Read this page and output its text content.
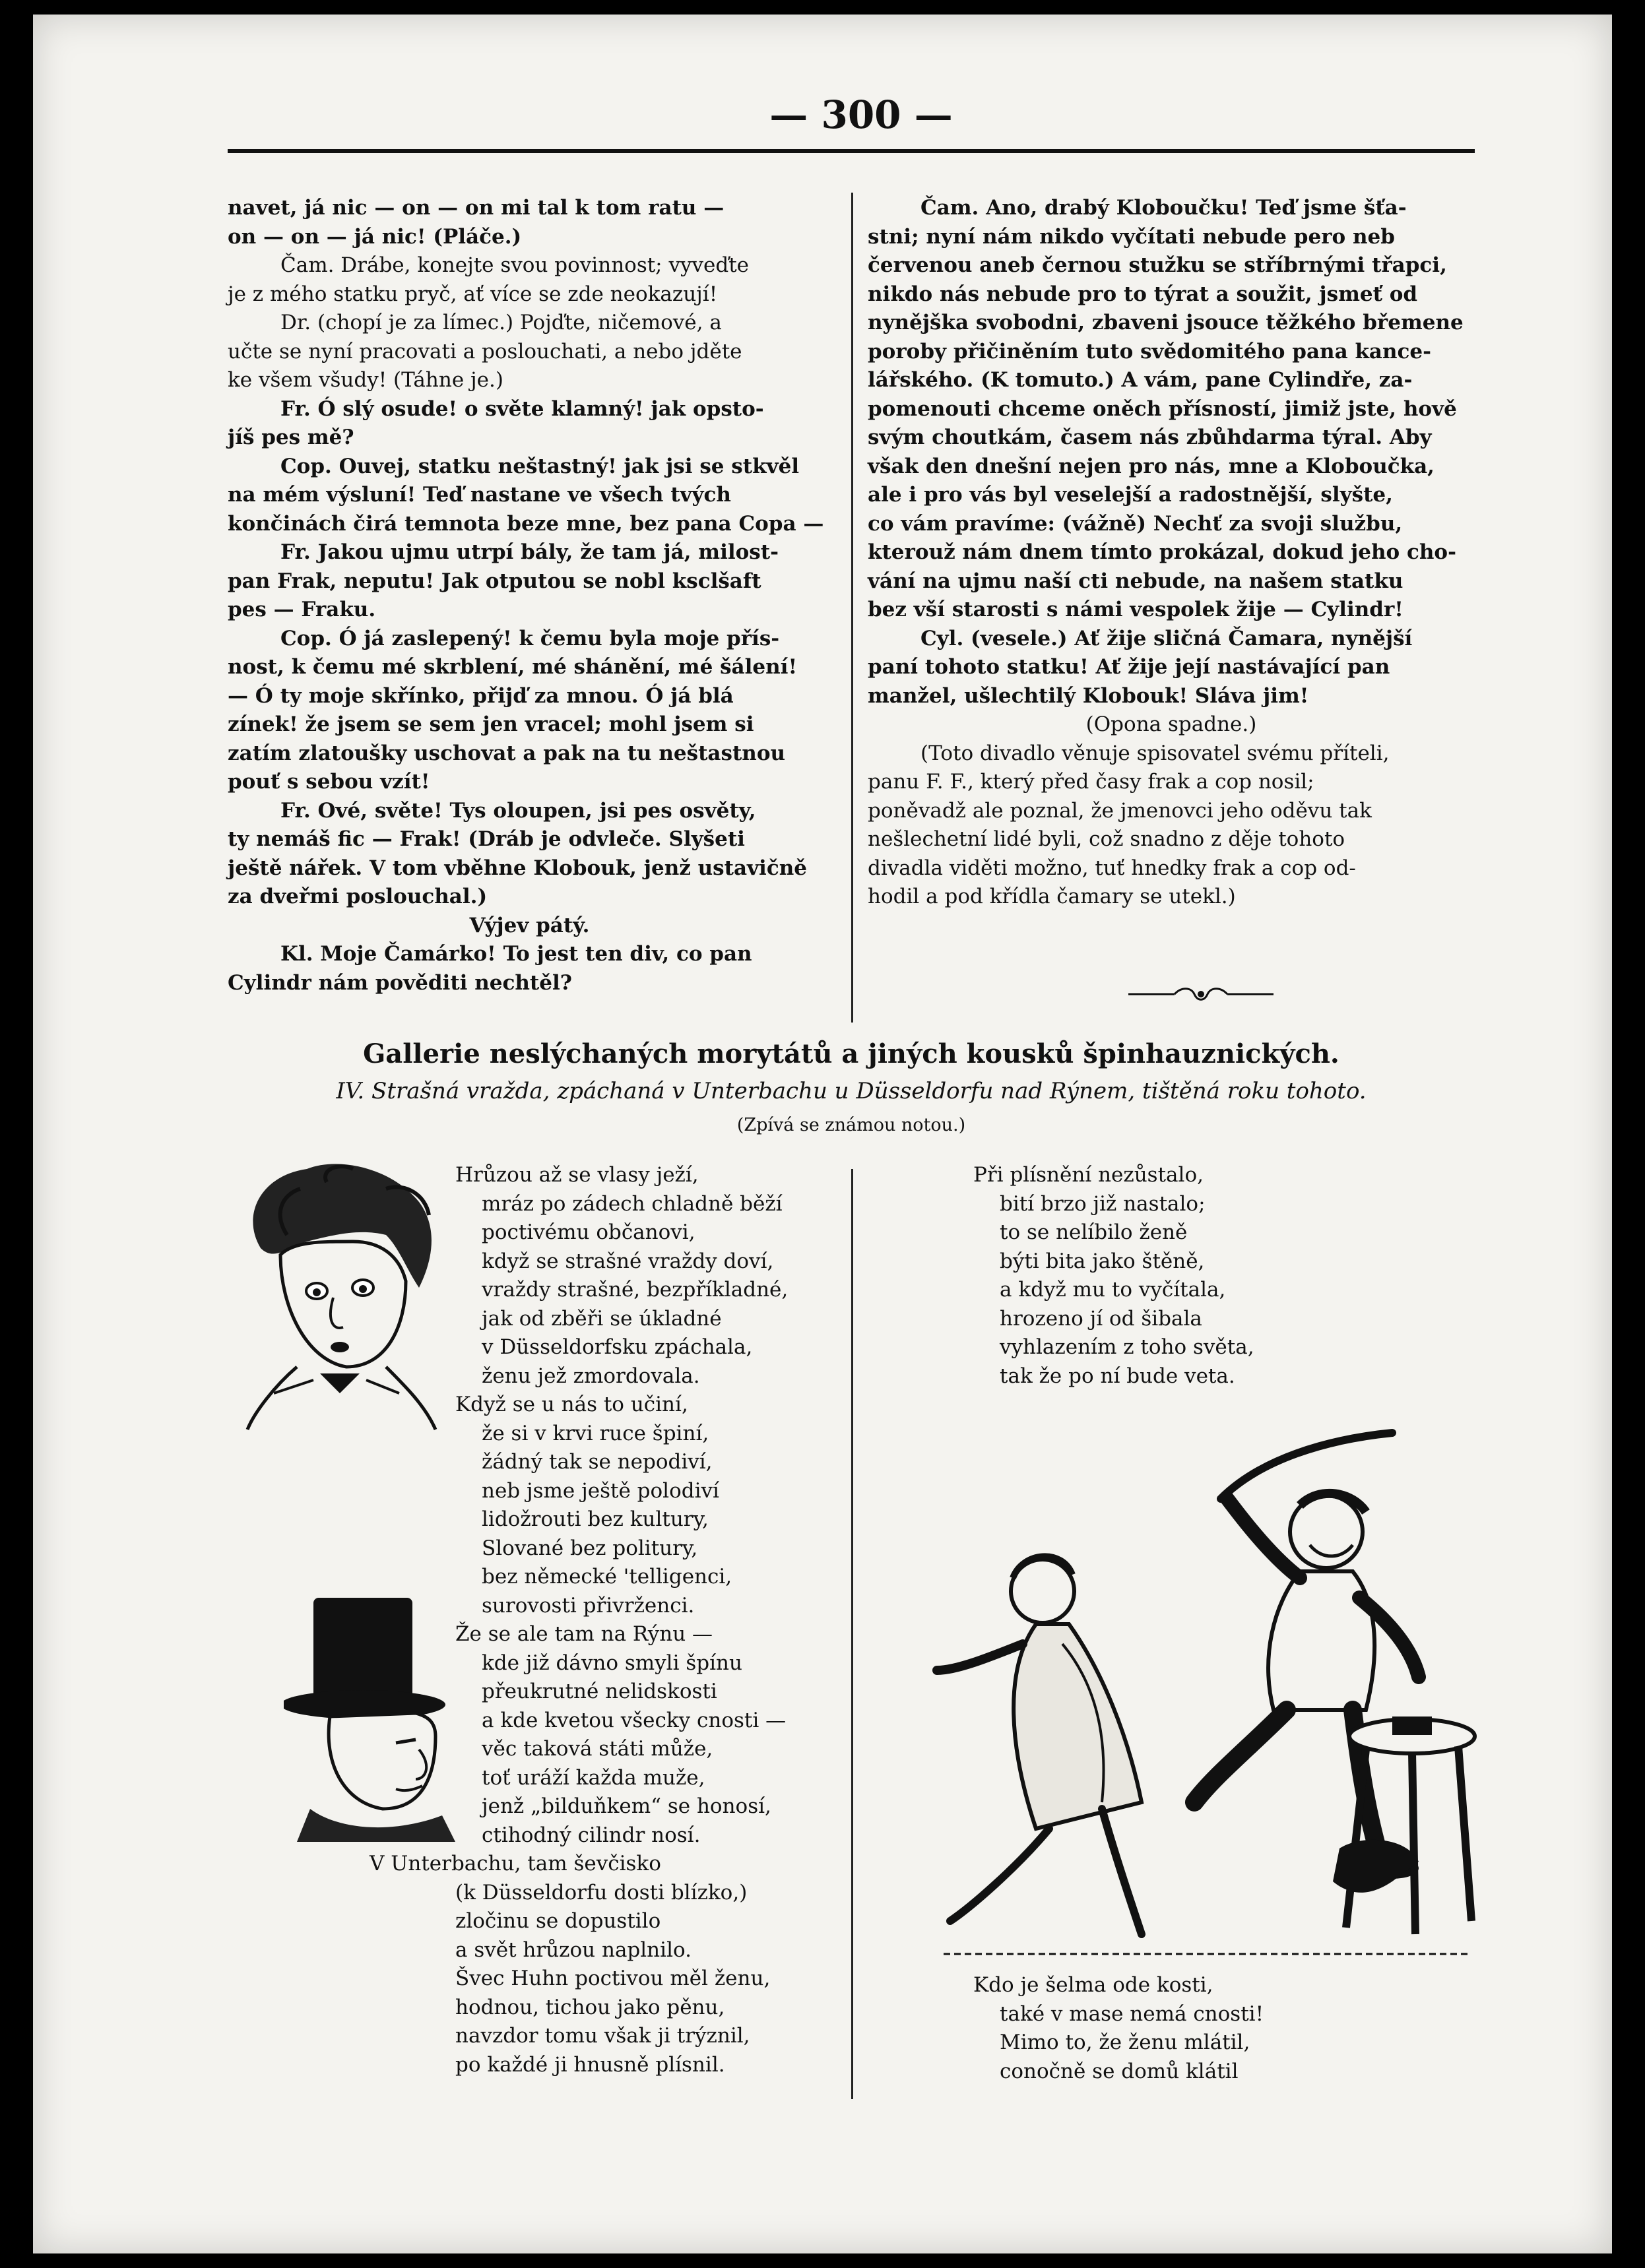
— 300 —

navet, já nic — on — on mi tal k tom ratu —

on — on — já nic! (Pláče.)

Čam. Drábe, konejte svou povinnost; vyveďte

je z mého statku pryč, ať více se zde neokazují!

Dr. (chopí je za límec.) Pojďte, ničemové, a

učte se nyní pracovati a poslouchati, a nebo jděte

ke všem všudy! (Táhne je.)

Fr. Ó slý osude! o světe klamný! jak opsto-

jíš pes mě?

Cop. Ouvej, statku neštastný! jak jsi se stkvěl

na mém výsluní! Teď nastane ve všech tvých

končinách čirá temnota beze mne, bez pana Copa —

Fr. Jakou ujmu utrpí bály, že tam já, milost-

pan Frak, neputu! Jak otputou se nobl ksclšaft

pes — Fraku.

Cop. Ó já zaslepený! k čemu byla moje přís-

nost, k čemu mé skrblení, mé shánění, mé šálení!

— Ó ty moje skřínko, přijď za mnou. Ó já blá

zínek! že jsem se sem jen vracel; mohl jsem si

zatím zlatoušky uschovat a pak na tu neštastnou

pouť s sebou vzít!

Fr. Ové, světe! Tys oloupen, jsi pes osvěty,

ty nemáš fic — Frak! (Dráb je odvleče. Slyšeti

ještě nářek. V tom vběhne Klobouk, jenž ustavičně

za dveřmi poslouchal.)

Výjev pátý.

Kl. Moje Čamárko! To jest ten div, co pan

Cylindr nám pověditi nechtěl?

Čam. Ano, drabý Kloboučku! Teď jsme šťa-

stni; nyní nám nikdo vyčítati nebude pero neb

červenou aneb černou stužku se stříbrnými třapci,

nikdo nás nebude pro to týrat a soužit, jsmeť od

nynějška svobodni, zbaveni jsouce těžkého břemene

poroby přičiněním tuto svědomitého pana kance-

lářského. (K tomuto.) A vám, pane Cylindře, za-

pomenouti chceme oněch přísností, jimiž jste, hově

svým choutkám, časem nás zbůhdarma týral. Aby

však den dnešní nejen pro nás, mne a Kloboučka,

ale i pro vás byl veselejší a radostnější, slyšte,

co vám pravíme: (vážně) Nechť za svoji službu,

kterouž nám dnem tímto prokázal, dokud jeho cho-

vání na ujmu naší cti nebude, na našem statku

bez vší starosti s námi vespolek žije — Cylindr!

Cyl. (vesele.) Ať žije sličná Čamara, nynější

paní tohoto statku! Ať žije její nastávající pan

manžel, ušlechtilý Klobouk! Sláva jim!

(Opona spadne.)

(Toto divadlo věnuje spisovatel svému příteli,

panu F. F., který před časy frak a cop nosil;

poněvadž ale poznal, že jmenovci jeho oděvu tak

nešlechetní lidé byli, což snadno z děje tohoto

divadla viděti možno, tuť hnedky frak a cop od-

hodil a pod křídla čamary se utekl.)

Gallerie neslýchaných morytátů a jiných kousků špinhauznických.
IV. Strašná vražda, zpáchaná v Unterbachu u Düsseldorfu nad Rýnem, tištěná roku tohoto.
(Zpívá se známou notou.)

Hrůzou až se vlasy ježí,

mráz po zádech chladně běží

poctivému občanovi,

když se strašné vraždy doví,

vraždy strašné, bezpříkladné,

jak od zběři se úkladné

v Düsseldorfsku zpáchala,

ženu jež zmordovala.

Když se u nás to učiní,

že si v krvi ruce špiní,

žádný tak se nepodiví,

neb jsme ještě polodiví

lidožrouti bez kultury,

Slované bez politury,

bez německé 'telligenci,

surovosti přivrženci.

Že se ale tam na Rýnu —

kde již dávno smyli špínu

přeukrutné nelidskosti

a kde kvetou všecky cnosti —

věc taková státi může,

toť uráží každa muže,

jenž „bilduňkem“ se honosí,

ctihodný cilindr nosí.

V Unterbachu, tam ševčisko

(k Düsseldorfu dosti blízko,)

zločinu se dopustilo

a svět hrůzou naplnilo.

Švec Huhn poctivou měl ženu,

hodnou, tichou jako pěnu,

navzdor tomu však ji trýznil,

po každé ji hnusně plísnil.

Při plísnění nezůstalo,

bití brzo již nastalo;

to se nelíbilo ženě

býti bita jako štěně,

a když mu to vyčítala,

hrozeno jí od šibala

vyhlazením z toho světa,

tak že po ní bude veta.

Kdo je šelma ode kosti,

také v mase nemá cnosti!

Mimo to, že ženu mlátil,

conočně se domů klátil
